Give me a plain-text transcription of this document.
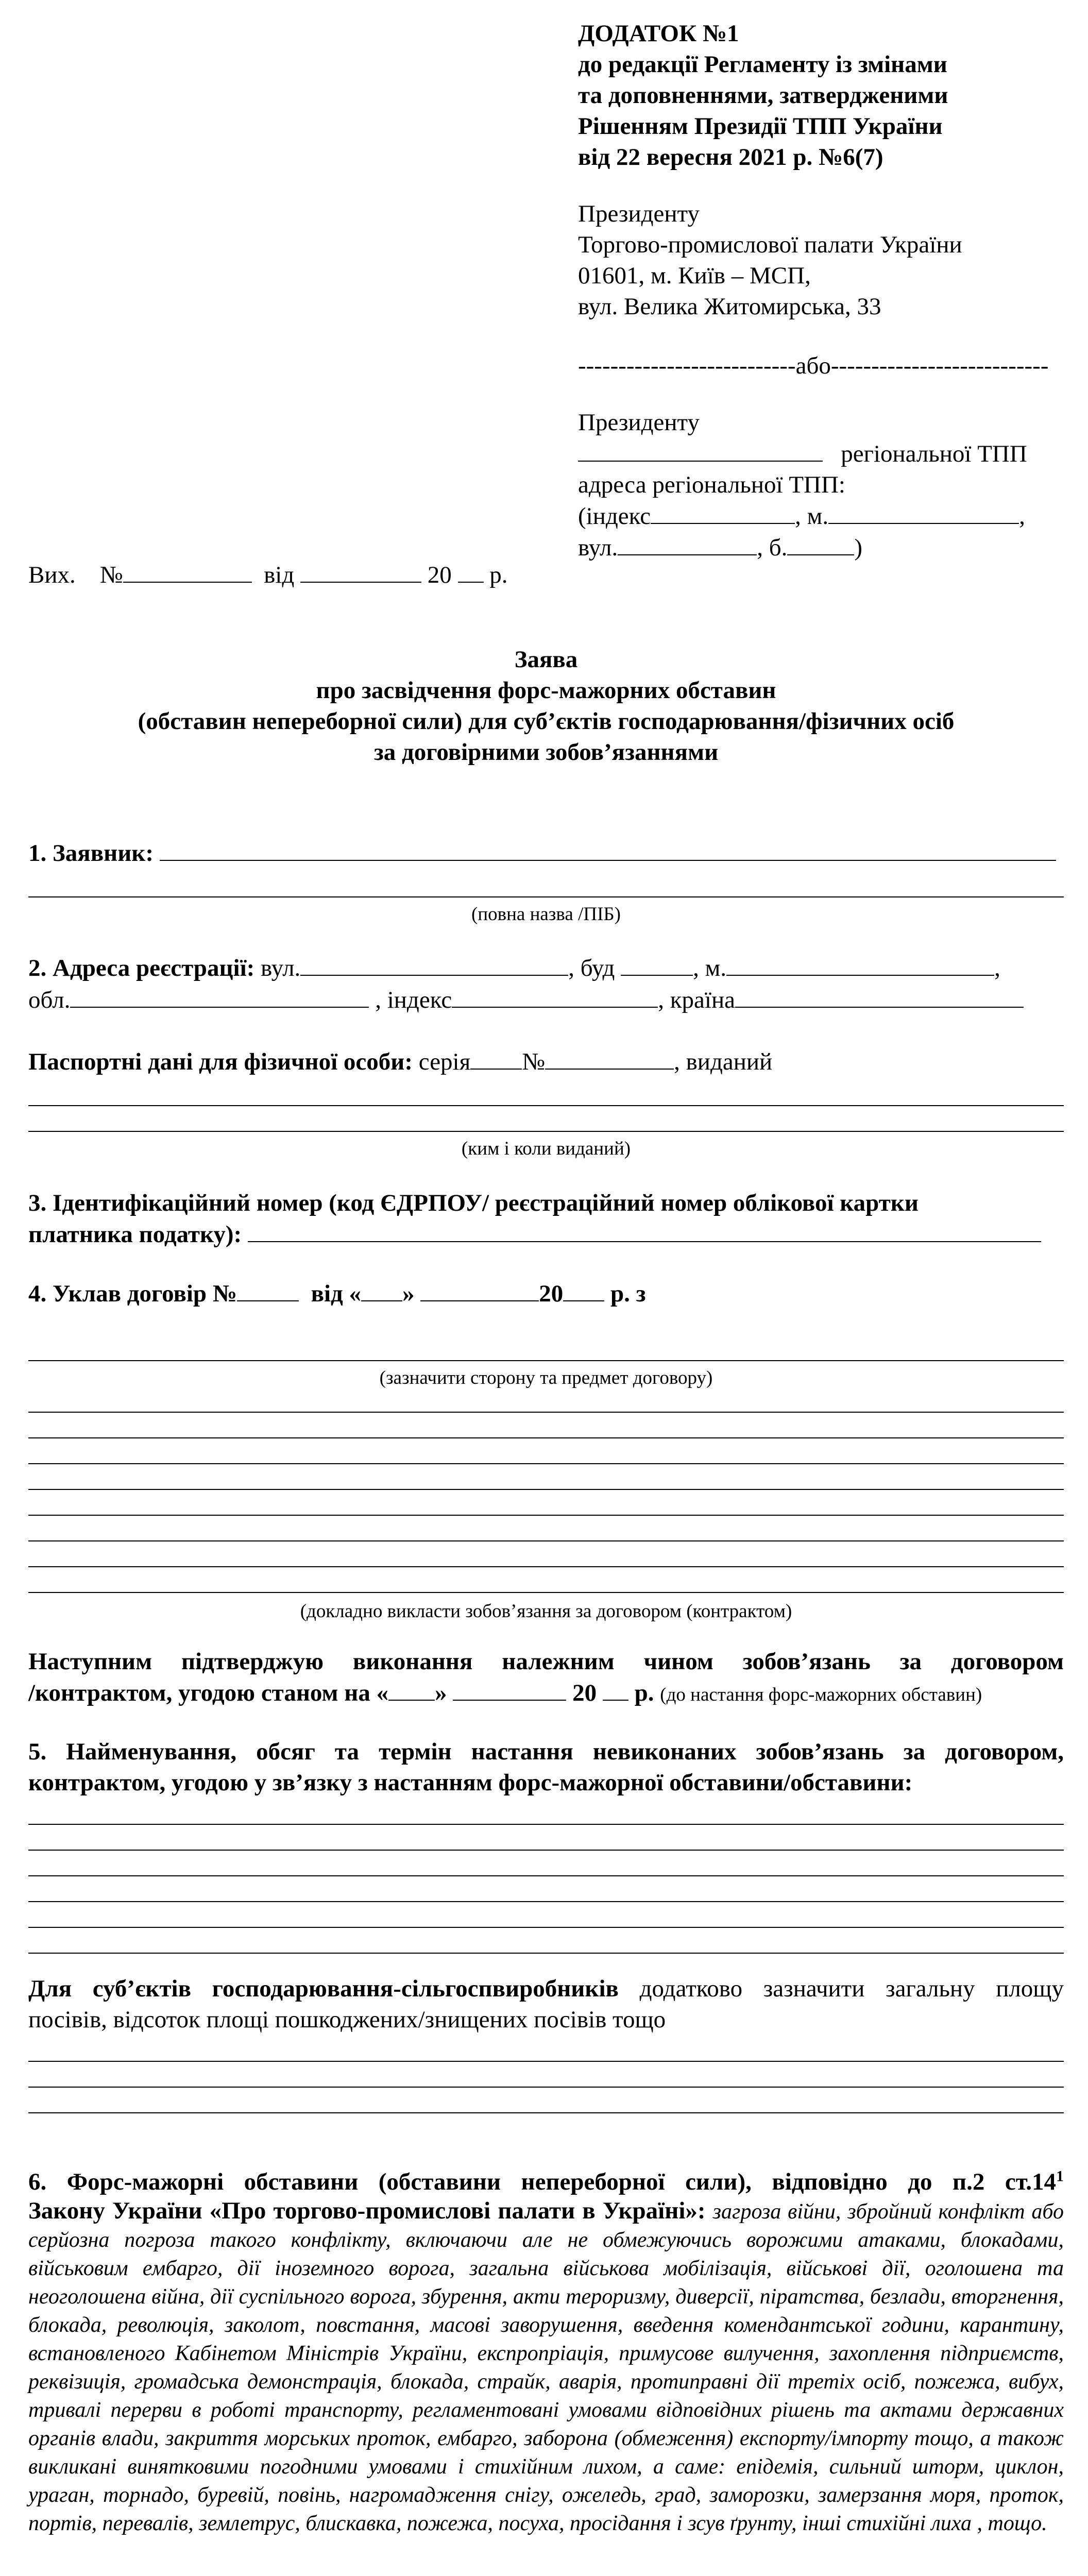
ДОДАТОК №1
до редакції Регламенту із змінами
та доповненнями, затвердженими
Рішенням Президії ТПП України
від 22 вересня 2021 р. №6(7)
Президенту
Торгово-промислової палати України
01601, м. Київ – МСП,
вул. Велика Житомирська, 33
---------------------------або---------------------------
Президенту
регіональної ТПП
адреса регіональної ТПП:
(індекс	, м.	,
вул.	, б.	)
Вих. №	від	20 р.
Заява
про засвідчення форс-мажорних обставин
(обставин непереборної сили) для суб’єктів господарювання/фізичних осіб
за договірними зобов’язаннями
1. Заявник:
(повна назва /ПІБ)
2. Адреса реєстрації: вул.	, буд	, м.	,
обл.	, індекс	, країна
Паспортні дані для фізичної особи: серія №	, виданий
(ким і коли виданий)
3. Ідентифікаційний номер (код ЄДРПОУ/ реєстраційний номер облікової картки
платника податку):
4. Уклав договір №	від « »	20 р. з
(зазначити сторону та предмет договору)
(докладно викласти зобов’язання за договором (контрактом)
Наступним підтверджую виконання належним чином зобов’язань за договором
/контрактом, угодою станом на « »	20 р. (до настання форс-мажорних обставин)
5. Найменування, обсяг та термін настання невиконаних зобов’язань за договором,
контрактом, угодою у зв’язку з настанням форс-мажорної обставини/обставини:
Для суб’єктів господарювання-сільгоспвиробників додатково зазначити загальну площу
посівів, відсоток площі пошкоджених/знищених посівів тощо
6. Форс-мажорні обставини (обставини непереборної сили), відповідно до п.2 $ст.14^1$
Закону України «Про торгово-промислові палати в Україні»: загроза війни, збройний конфлікт або серйозна погроза такого конфлікту, включаючи але не обмежуючись ворожими атаками, блокадами, військовим ембарго, дії іноземного ворога, загальна військова мобілізація, військові дії, оголошена та неоголошена війна, дії суспільного ворога, збурення, акти тероризму, диверсії, піратства, безлади, вторгнення, блокада, революція, заколот, повстання, масові заворушення, введення комендантської години, карантину, встановленого Кабінетом Міністрів України, експропріація, примусове вилучення, захоплення підприємств, реквізиція, громадська демонстрація, блокада, страйк, аварія, протиправні дії третіх осіб, пожежа, вибух, тривалі перерви в роботі транспорту, регламентовані умовами відповідних рішень та актами державних органів влади, закриття морських проток, ембарго, заборона (обмеження) експорту/імпорту тощо, а також викликані винятковими погодними умовами і стихійним лихом, а саме: епідемія, сильний шторм, циклон, ураган, торнадо, буревій, повінь, нагромадження снігу, ожеледь, град, заморозки, замерзання моря, проток, портів, перевалів, землетрус, блискавка, пожежа, посуха, просідання і зсув ґрунту, інші стихійні лиха , тощо.
